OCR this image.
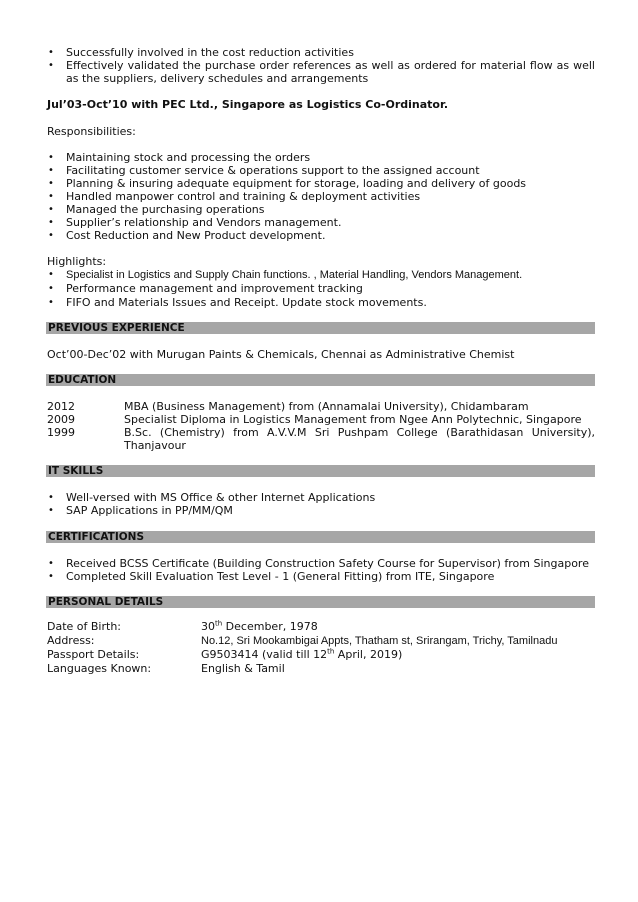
• Successfully involved in the cost reduction activities
• Effectively validated the purchase order references as well as ordered for material flow as well as the suppliers, delivery schedules and arrangements
Jul’03-Oct’10 with PEC Ltd., Singapore as Logistics Co-Ordinator.
Responsibilities:
• Maintaining stock and processing the orders
• Facilitating customer service & operations support to the assigned account
• Planning & insuring adequate equipment for storage, loading and delivery of goods
• Handled manpower control and training & deployment activities
• Managed the purchasing operations
• Supplier’s relationship and Vendors management.
• Cost Reduction and New Product development.
Highlights:
• Specialist in Logistics and Supply Chain functions. , Material Handling, Vendors Management.
• Performance management and improvement tracking
• FIFO and Materials Issues and Receipt. Update stock movements.
PREVIOUS EXPERIENCE
Oct’00-Dec’02 with Murugan Paints & Chemicals, Chennai as Administrative Chemist
EDUCATION
2012	MBA (Business Management) from (Annamalai University), Chidambaram
2009	Specialist Diploma in Logistics Management from Ngee Ann Polytechnic, Singapore
1999	B.Sc. (Chemistry) from A.V.V.M Sri Pushpam College (Barathidasan University), Thanjavour
IT SKILLS
• Well-versed with MS Office & other Internet Applications
• SAP Applications in PP/MM/QM
CERTIFICATIONS
• Received BCSS Certificate (Building Construction Safety Course for Supervisor) from Singapore
• Completed Skill Evaluation Test Level - 1 (General Fitting) from ITE, Singapore
PERSONAL DETAILS
Date of Birth:	30th December, 1978
Address:	No.12, Sri Mookambigai Appts, Thatham st, Srirangam, Trichy, Tamilnadu
Passport Details:	G9503414 (valid till 12th April, 2019)
Languages Known:	English & Tamil
